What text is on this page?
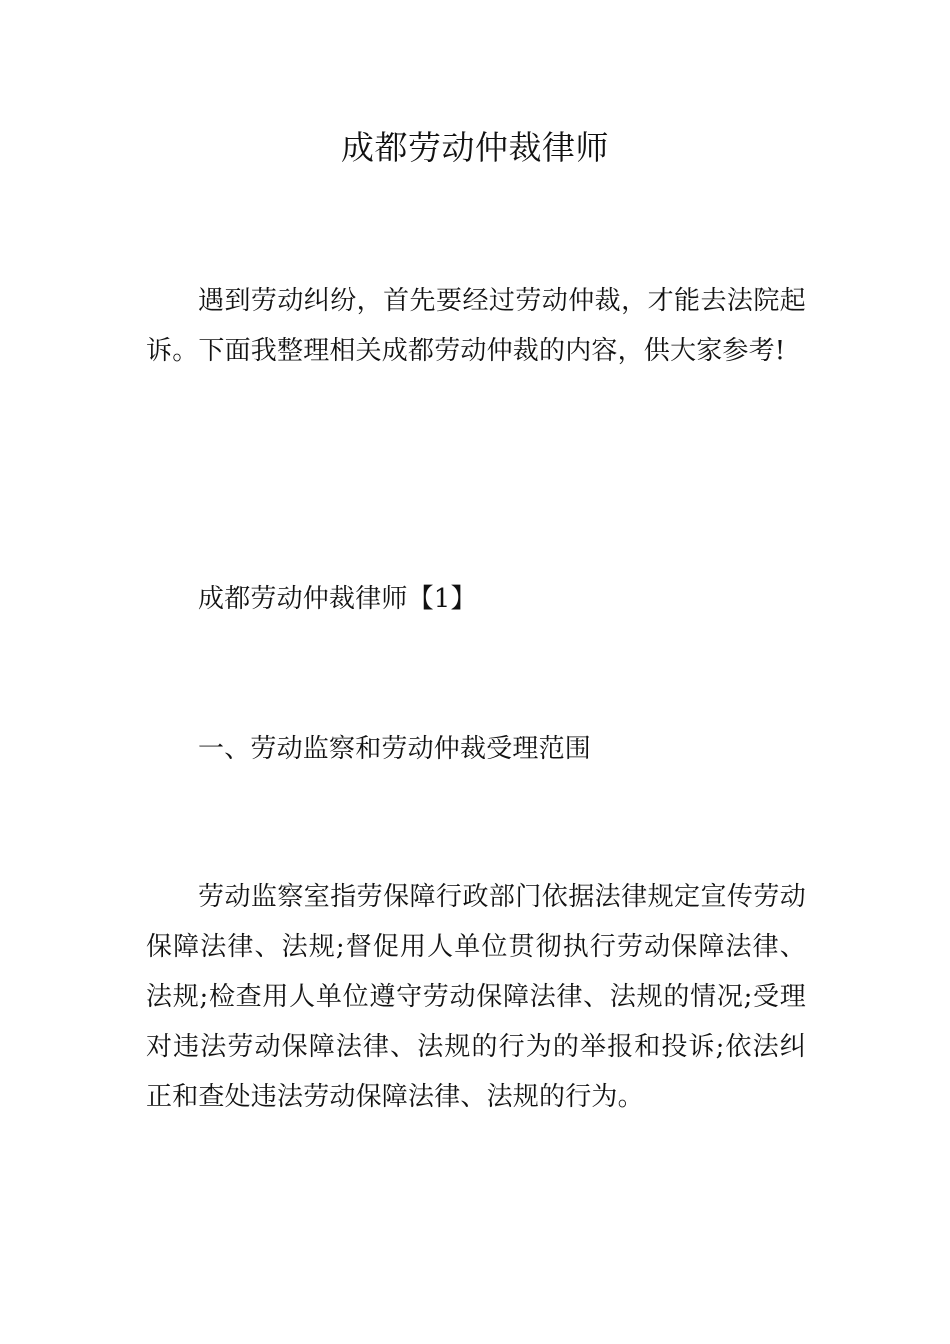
成都劳动仲裁律师

遇到劳动纠纷，首先要经过劳动仲裁，才能去法院起诉。下面我整理相关成都劳动仲裁的内容，供大家参考!

成都劳动仲裁律师【1】

一、劳动监察和劳动仲裁受理范围

劳动监察室指劳保障行政部门依据法律规定宣传劳动保障法律、法规;督促用人单位贯彻执行劳动保障法律、法规;检查用人单位遵守劳动保障法律、法规的情况;受理对违法劳动保障法律、法规的行为的举报和投诉;依法纠正和查处违法劳动保障法律、法规的行为。
